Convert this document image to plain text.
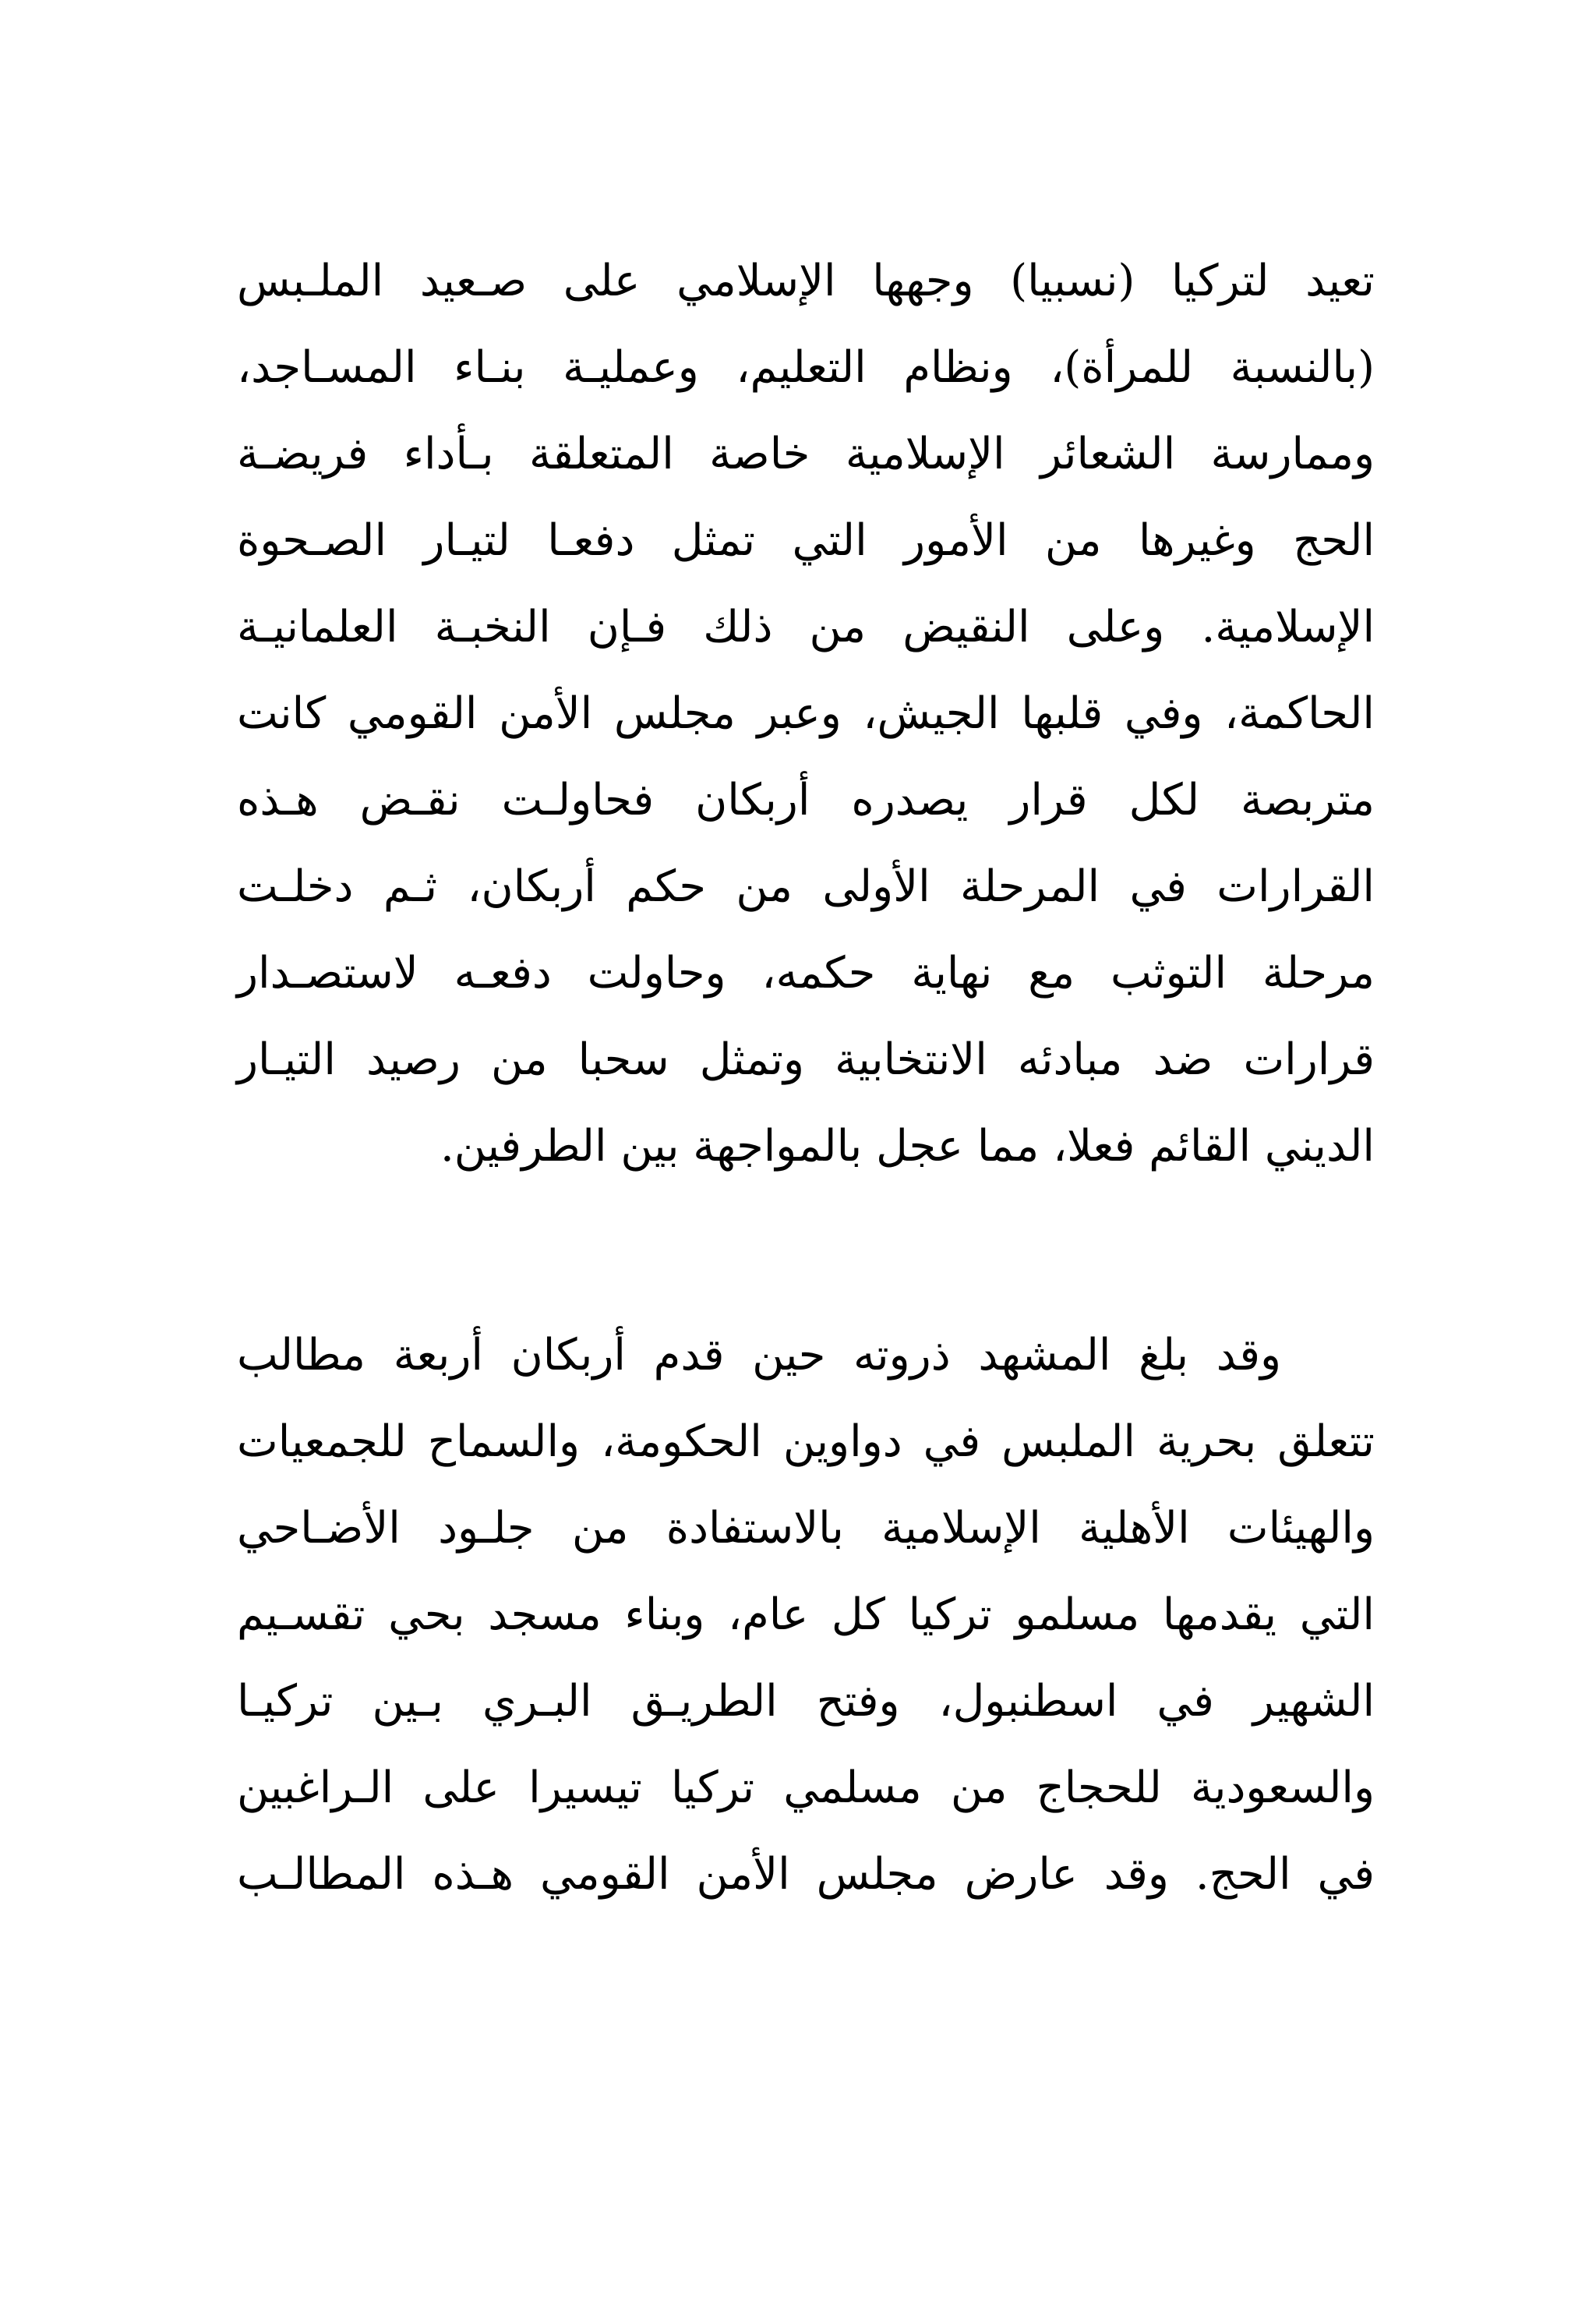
تعيد لتركيا (نسبيا) وجهها الإسلامي على صـعيد الملـبس
(بالنسبة للمرأة)، ونظام التعليم، وعمليـة بنـاء المسـاجد،
وممارسة الشعائر الإسلامية خاصة المتعلقة بـأداء فريضـة
الحج وغيرها من الأمور التي تمثل دفعـا لتيـار الصـحوة
الإسلامية. وعلى النقيض من ذلك فـإن النخبـة العلمانيـة
الحاكمة، وفي قلبها الجيش، وعبر مجلس الأمن القومي كانت
متربصة لكل قرار يصدره أربكان فحاولـت نقـض هـذه
القرارات في المرحلة الأولى من حكم أربكان، ثـم دخلـت
مرحلة التوثب مع نهاية حكمه، وحاولت دفعـه لاستصـدار
قرارات ضد مبادئه الانتخابية وتمثل سحبا من رصيد التيـار
الديني القائم فعلا، مما عجل بالمواجهة بين الطرفين.
وقد بلغ المشهد ذروته حين قدم أربكان أربعة مطالب
تتعلق بحرية الملبس في دواوين الحكومة، والسماح للجمعيات
والهيئات الأهلية الإسلامية بالاستفادة من جلـود الأضـاحي
التي يقدمها مسلمو تركيا كل عام، وبناء مسجد بحي تقسـيم
الشهير في اسطنبول، وفتح الطريـق البـري بـين تركيـا
والسعودية للحجاج من مسلمي تركيا تيسيرا على الـراغبين
في الحج. وقد عارض مجلس الأمن القومي هـذه المطالـب
